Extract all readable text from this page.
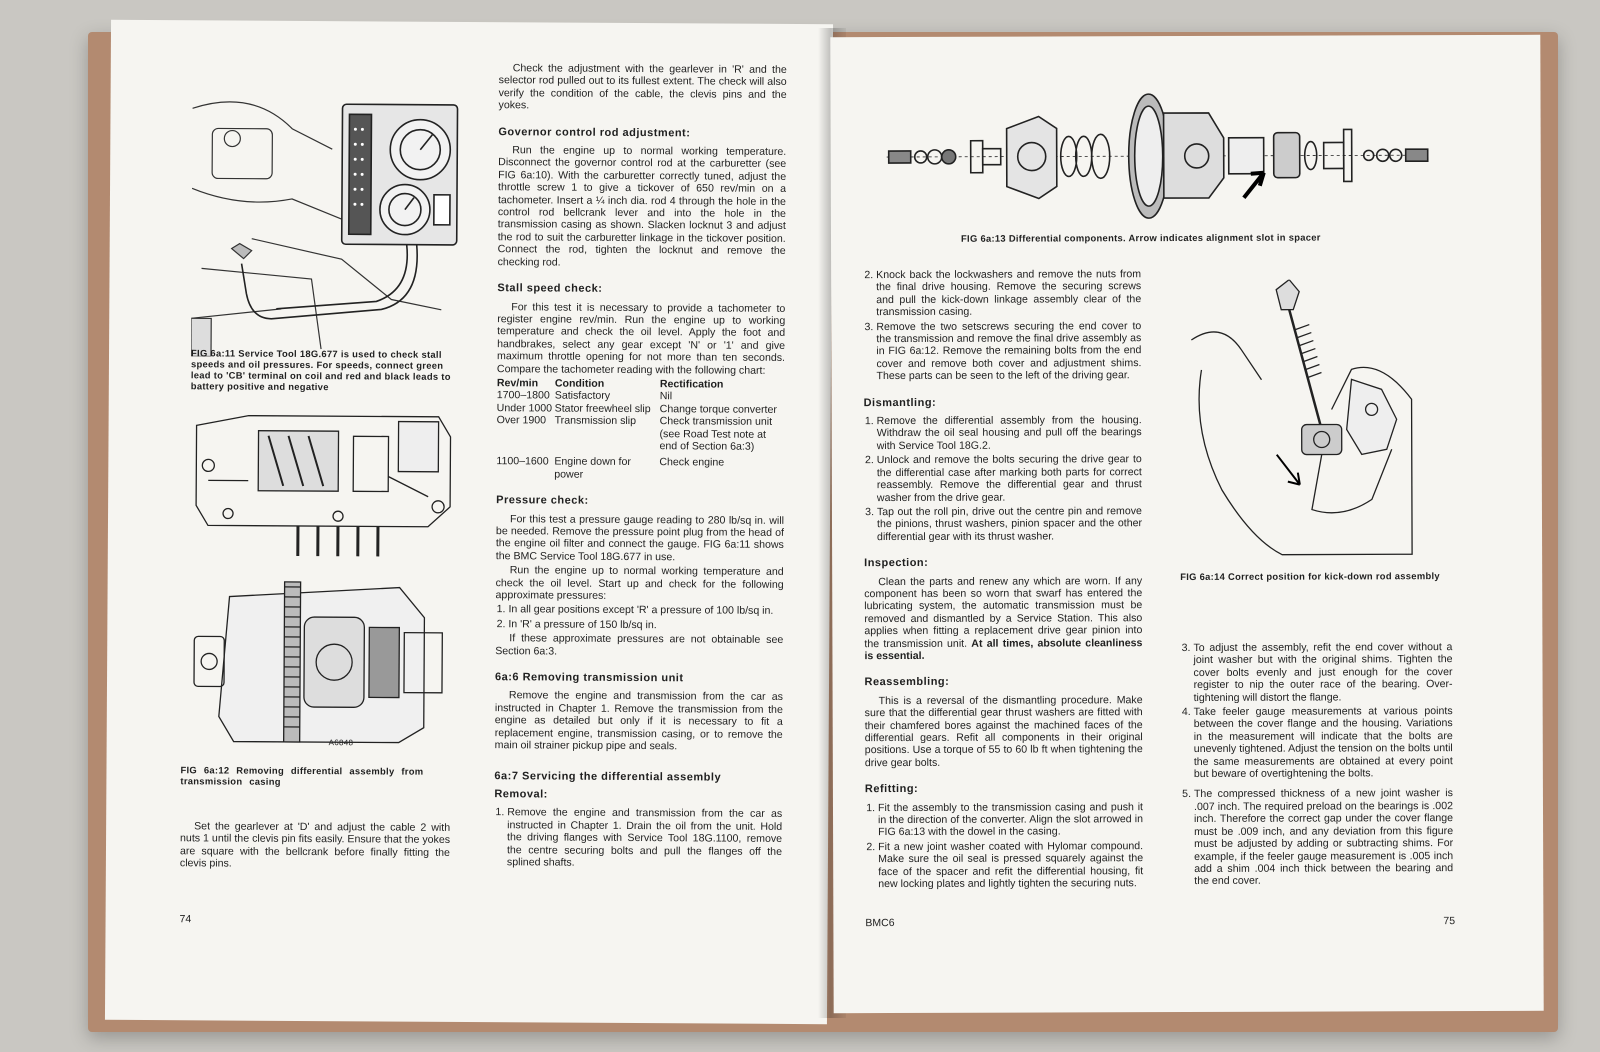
FIG 6a:11 Service Tool 18G.677 is used to check stall speeds and oil pressures. For speeds, connect green lead to 'CB' terminal on coil and red and black leads to battery positive and negative
A6848
FIG 6a:12 Removing differential assembly from transmission casing

Set the gearlever at 'D' and adjust the cable 2 with nuts 1 until the clevis pin fits easily. Ensure that the yokes are square with the bellcrank before finally fitting the clevis pins.

Check the adjustment with the gearlever in 'R' and the selector rod pulled out to its fullest extent. The check will also verify the condition of the cable, the clevis pins and the yokes.

Governor control rod adjustment:

Run the engine up to normal working temperature. Disconnect the governor control rod at the carburetter (see FIG 6a:10). With the carburetter correctly tuned, adjust the throttle screw 1 to give a tickover of 650 rev/min on a tachometer. Insert a ¼ inch dia. rod 4 through the hole in the control rod bellcrank lever and into the hole in the transmission casing as shown. Slacken locknut 3 and adjust the rod to suit the carburetter linkage in the tickover position. Connect the rod, tighten the locknut and remove the checking rod.

Stall speed check:

For this test it is necessary to provide a tachometer to register engine rev/min. Run the engine up to working temperature and check the oil level. Apply the foot and handbrakes, select any gear except 'N' or '1' and give maximum throttle opening for not more than ten seconds. Compare the tachometer reading with the following chart:

Rev/min	Condition	Rectification
1700–1800	Satisfactory	Nil
Under 1000	Stator freewheel slip	Change torque converter
Over 1900	Transmission slip	Check transmission unit (see Road Test note at end of Section 6a:3)
1100–1600	Engine down for power	Check engine
Pressure check:

For this test a pressure gauge reading to 280 lb/sq in. will be needed. Remove the pressure point plug from the head of the engine oil filter and connect the gauge. FIG 6a:11 shows the BMC Service Tool 18G.677 in use.

Run the engine up to normal working temperature and check the oil level. Start up and check for the following approximate pressures:

1. In all gear positions except 'R' a pressure of 100 lb/sq in.
2. In 'R' a pressure of 150 lb/sq in.

If these approximate pressures are not obtainable see Section 6a:3.

6a:6 Removing transmission unit

Remove the engine and transmission from the car as instructed in Chapter 1. Remove the transmission from the engine as detailed but only if it is necessary to fit a replacement engine, transmission casing, or to remove the main oil strainer pickup pipe and seals.

6a:7 Servicing the differential assembly
Removal:
1. Remove the engine and transmission from the car as instructed in Chapter 1. Drain the oil from the unit. Hold the driving flanges with Service Tool 18G.1100, remove the centre securing bolts and pull the flanges off the splined shafts.
74
FIG 6a:13 Differential components. Arrow indicates alignment slot in spacer
2. Knock back the lockwashers and remove the nuts from the final drive housing. Remove the securing screws and pull the kick-down linkage assembly clear of the transmission casing.
3. Remove the two setscrews securing the end cover to the transmission and remove the final drive assembly as in FIG 6a:12. Remove the remaining bolts from the end cover and remove both cover and adjustment shims. These parts can be seen to the left of the driving gear.
Dismantling:
1. Remove the differential assembly from the housing. Withdraw the oil seal housing and pull off the bearings with Service Tool 18G.2.
2. Unlock and remove the bolts securing the drive gear to the differential case after marking both parts for correct reassembly. Remove the differential gear and thrust washer from the drive gear.
3. Tap out the roll pin, drive out the centre pin and remove the pinions, thrust washers, pinion spacer and the other differential gear with its thrust washer.
Inspection:

Clean the parts and renew any which are worn. If any component has been so worn that swarf has entered the lubricating system, the automatic transmission must be removed and dismantled by a Service Station. This also applies when fitting a replacement drive gear pinion into the transmission unit. At all times, absolute cleanliness is essential.

Reassembling:

This is a reversal of the dismantling procedure. Make sure that the differential gear thrust washers are fitted with their chamfered bores against the machined faces of the differential gears. Refit all components in their original positions. Use a torque of 55 to 60 lb ft when tightening the drive gear bolts.

Refitting:
1. Fit the assembly to the transmission casing and push it in the direction of the converter. Align the slot arrowed in FIG 6a:13 with the dowel in the casing.
2. Fit a new joint washer coated with Hylomar compound. Make sure the oil seal is pressed squarely against the face of the spacer and refit the differential housing, fit new locking plates and lightly tighten the securing nuts.
FIG 6a:14 Correct position for kick-down rod assembly
3. To adjust the assembly, refit the end cover without a joint washer but with the original shims. Tighten the cover bolts evenly and just enough for the cover register to nip the outer race of the bearing. Over-tightening will distort the flange.
4. Take feeler gauge measurements at various points between the cover flange and the housing. Variations in the measurement will indicate that the bolts are unevenly tightened. Adjust the tension on the bolts until the same measurements are obtained at every point but beware of overtightening the bolts.
5. The compressed thickness of a new joint washer is .007 inch. The required preload on the bearings is .002 inch. Therefore the correct gap under the cover flange must be .009 inch, and any deviation from this figure must be adjusted by adding or subtracting shims. For example, if the feeler gauge measurement is .005 inch add a shim .004 inch thick between the bearing and the end cover.
BMC6	75
